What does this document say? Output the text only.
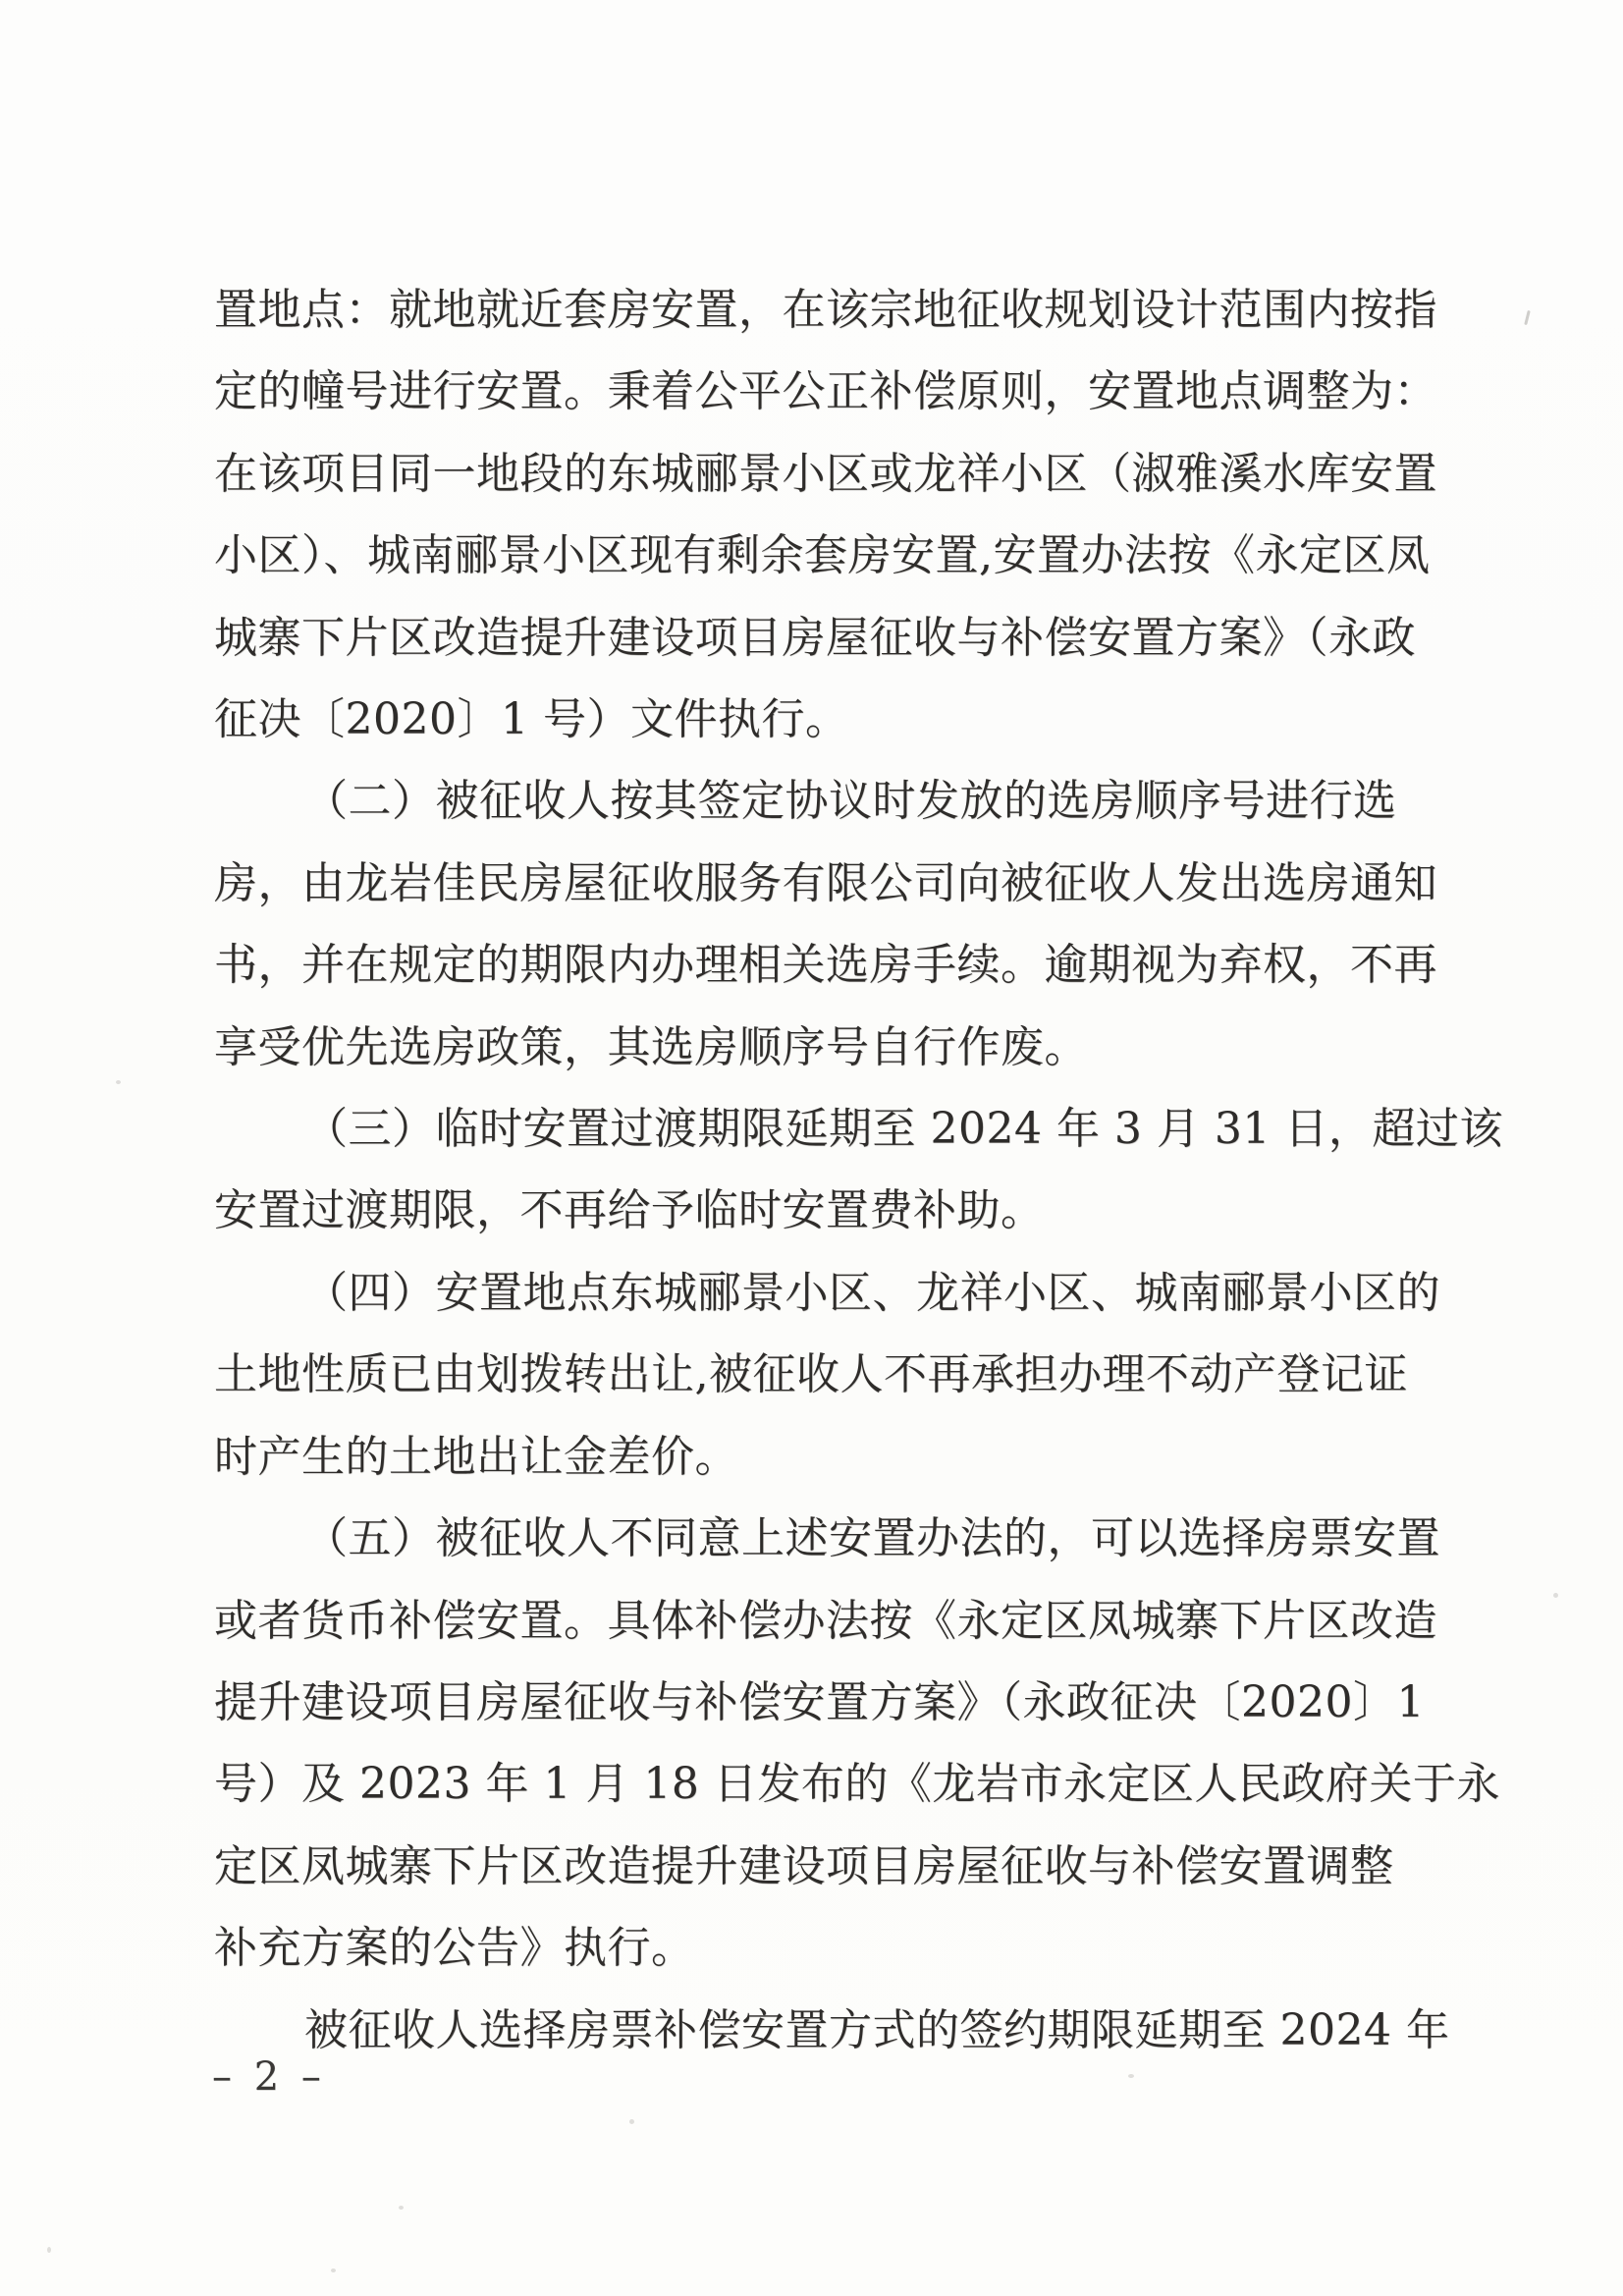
置地点：就地就近套房安置，在该宗地征收规划设计范围内按指

定的幢号进行安置。秉着公平公正补偿原则，安置地点调整为：

在该项目同一地段的东城郦景小区或龙祥小区（淑雅溪水库安置

小区）、城南郦景小区现有剩余套房安置,安置办法按《永定区凤

城寨下片区改造提升建设项目房屋征收与补偿安置方案》（永政

征决〔2020〕1 号）文件执行。

（二）被征收人按其签定协议时发放的选房顺序号进行选

房，由龙岩佳民房屋征收服务有限公司向被征收人发出选房通知

书，并在规定的期限内办理相关选房手续。逾期视为弃权，不再

享受优先选房政策，其选房顺序号自行作废。

（三）临时安置过渡期限延期至 2024 年 3 月 31 日，超过该

安置过渡期限，不再给予临时安置费补助。

（四）安置地点东城郦景小区、龙祥小区、城南郦景小区的

土地性质已由划拨转出让,被征收人不再承担办理不动产登记证

时产生的土地出让金差价。

（五）被征收人不同意上述安置办法的，可以选择房票安置

或者货币补偿安置。具体补偿办法按《永定区凤城寨下片区改造

提升建设项目房屋征收与补偿安置方案》（永政征决〔2020〕1

号）及 2023 年 1 月 18 日发布的《龙岩市永定区人民政府关于永

定区凤城寨下片区改造提升建设项目房屋征收与补偿安置调整

补充方案的公告》执行。

被征收人选择房票补偿安置方式的签约期限延期至 2024 年

– 2 –
